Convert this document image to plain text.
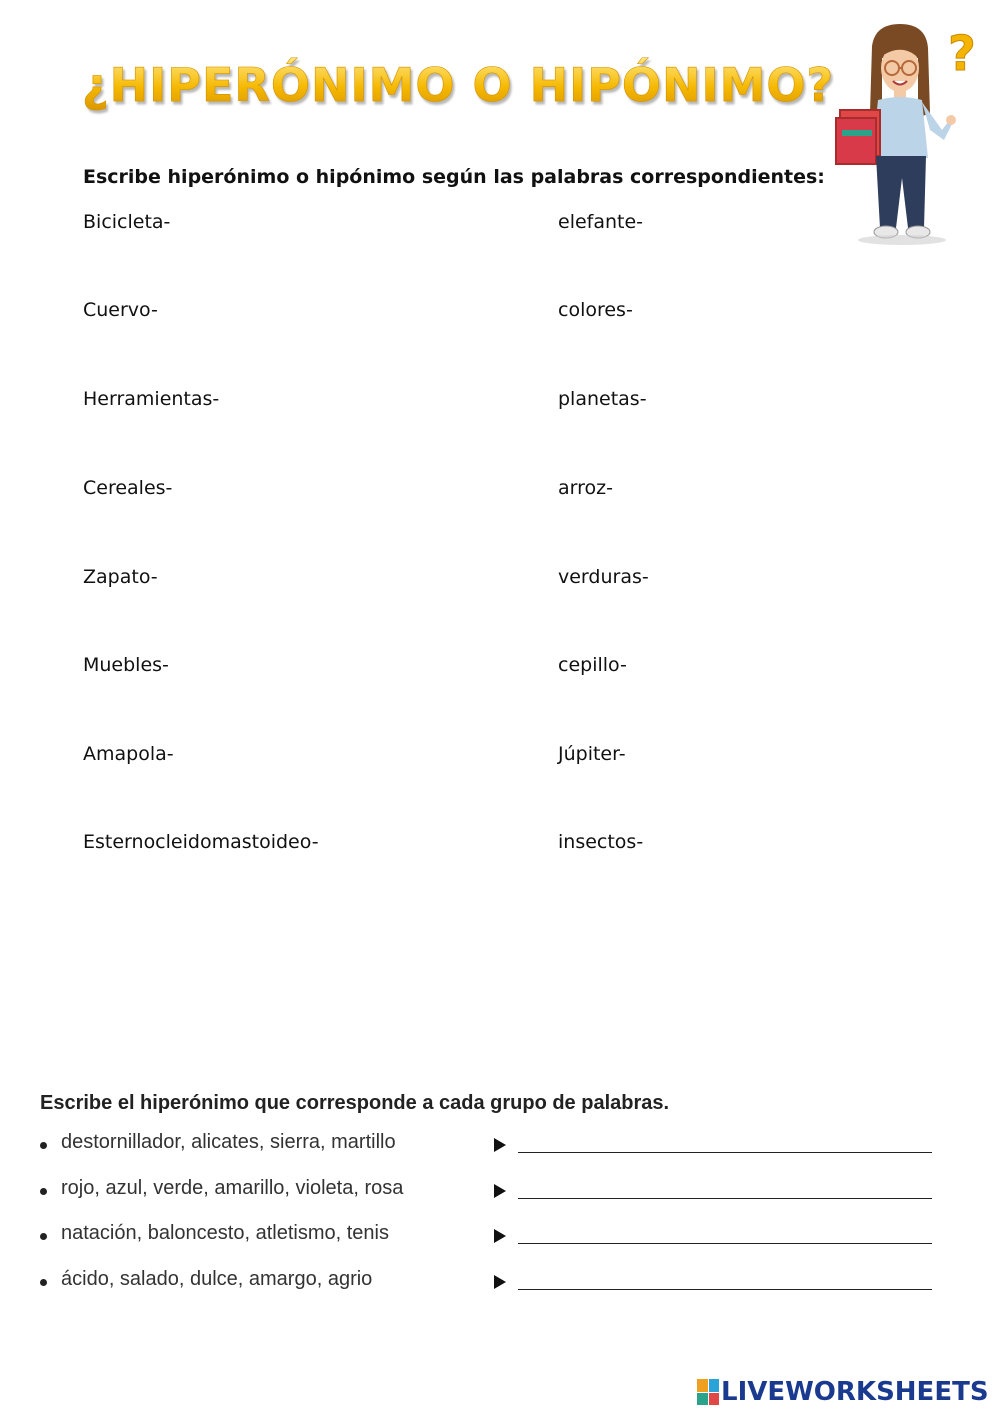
¿HIPERÓNIMO O HIPÓNIMO?
?

Escribe hiperónimo o hipónimo según las palabras correspondientes:

Bicicleta-
Cuervo-
Herramientas-
Cereales-
Zapato-
Muebles-
Amapola-
Esternocleidomastoideo-
elefante-
colores-
planetas-
arroz-
verduras-
cepillo-
Júpiter-
insectos-

Escribe el hiperónimo que corresponde a cada grupo de palabras.

destornillador, alicates, sierra, martillo
rojo, azul, verde, amarillo, violeta, rosa
natación, baloncesto, atletismo, tenis
ácido, salado, dulce, amargo, agrio
LIVEWORKSHEETS
